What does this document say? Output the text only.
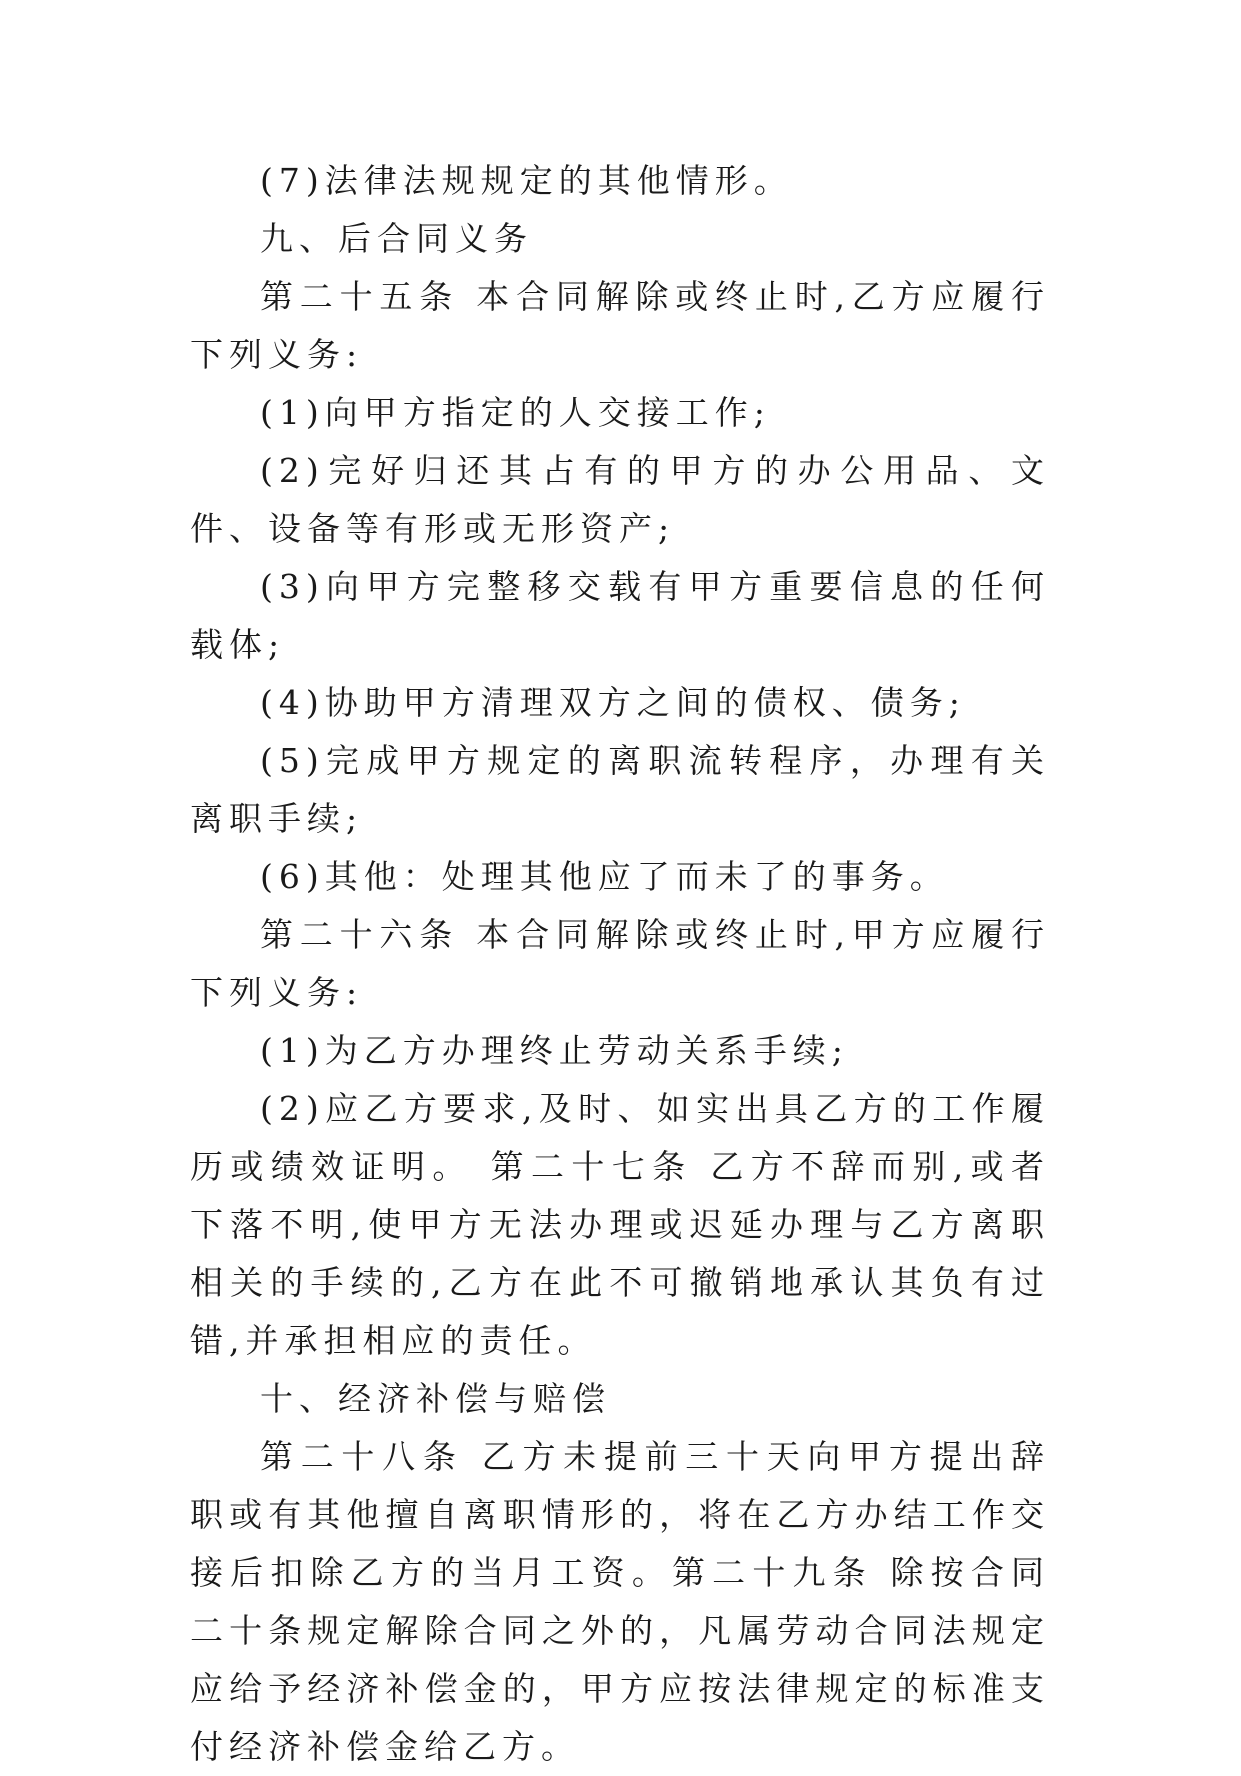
(7)法律法规规定的其他情形。

九、后合同义务

第二十五条 本合同解除或终止时,乙方应履行下列义务:

(1)向甲方指定的人交接工作;

(2)完好归还其占有的甲方的办公用品、文件、设备等有形或无形资产;

(3)向甲方完整移交载有甲方重要信息的任何载体;

(4)协助甲方清理双方之间的债权、债务;

(5)完成甲方规定的离职流转程序，办理有关离职手续;

(6)其他：处理其他应了而未了的事务。

第二十六条 本合同解除或终止时,甲方应履行下列义务:

(1)为乙方办理终止劳动关系手续;

(2)应乙方要求,及时、如实出具乙方的工作履历或绩效证明。 第二十七条 乙方不辞而别,或者下落不明,使甲方无法办理或迟延办理与乙方离职相关的手续的,乙方在此不可撤销地承认其负有过错,并承担相应的责任。

十、经济补偿与赔偿

第二十八条 乙方未提前三十天向甲方提出辞职或有其他擅自离职情形的，将在乙方办结工作交接后扣除乙方的当月工资。第二十九条 除按合同二十条规定解除合同之外的，凡属劳动合同法规定应给予经济补偿金的，甲方应按法律规定的标准支付经济补偿金给乙方。
